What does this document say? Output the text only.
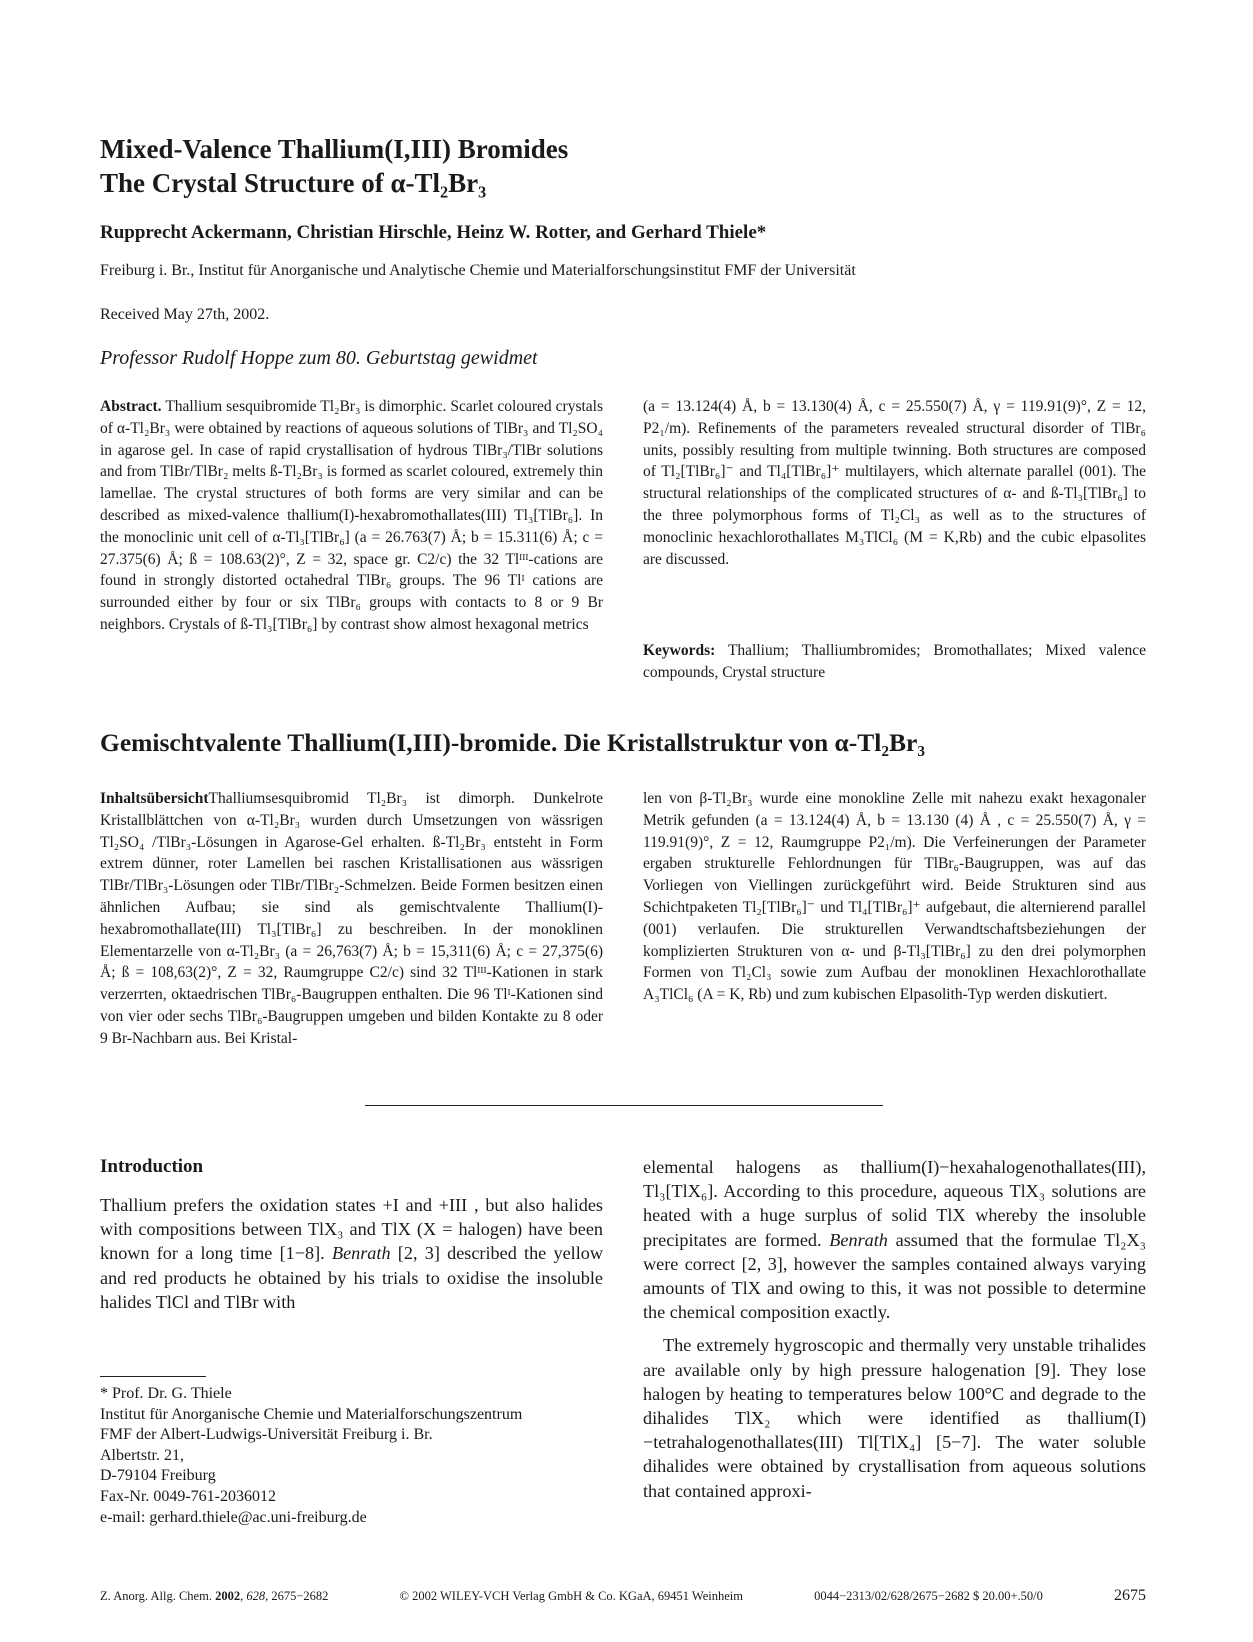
Mixed-Valence Thallium(I,III) Bromides
The Crystal Structure of α-Tl₂Br₃
Rupprecht Ackermann, Christian Hirschle, Heinz W. Rotter, and Gerhard Thiele*
Freiburg i. Br., Institut für Anorganische und Analytische Chemie und Materialforschungsinstitut FMF der Universität
Received May 27th, 2002.
Professor Rudolf Hoppe zum 80. Geburtstag gewidmet

Abstract. Thallium sesquibromide Tl₂Br₃ is dimorphic. Scarlet coloured crystals of α-Tl₂Br₃ were obtained by reactions of aqueous solutions of TlBr₃ and Tl₂SO₄ in agarose gel. In case of rapid crystallisation of hydrous TlBr₃/TlBr solutions and from TlBr/TlBr₂ melts ß-Tl₂Br₃ is formed as scarlet coloured, extremely thin lamellae. The crystal structures of both forms are very similar and can be described as mixed-valence thallium(I)-hexabromothallates(III) Tl₃[TlBr₆]. In the monoclinic unit cell of α-Tl₃[TlBr₆] (a = 26.763(7) Å; b = 15.311(6) Å; c = 27.375(6) Å; ß = 108.63(2)°, Z = 32, space gr. C2/c) the 32 Tlᴵᴵᴵ-cations are found in strongly distorted octahedral TlBr₆ groups. The 96 Tlᴵ cations are surrounded either by four or six TlBr₆ groups with contacts to 8 or 9 Br neighbors. Crystals of ß-Tl₃[TlBr₆] by contrast show almost hexagonal metrics

(a = 13.124(4) Å, b = 13.130(4) Å, c = 25.550(7) Å, γ = 119.91(9)°, Z = 12, P2₁/m). Refinements of the parameters revealed structural disorder of TlBr₆ units, possibly resulting from multiple twinning. Both structures are composed of Tl₂[TlBr₆]⁻ and Tl₄[TlBr₆]⁺ multilayers, which alternate parallel (001). The structural relationships of the complicated structures of α- and ß-Tl₃[TlBr₆] to the three polymorphous forms of Tl₂Cl₃ as well as to the structures of monoclinic hexachlorothallates M₃TlCl₆ (M = K,Rb) and the cubic elpasolites are discussed.

Keywords: Thallium; Thalliumbromides; Bromothallates; Mixed valence compounds, Crystal structure

Gemischtvalente Thallium(I,III)-bromide. Die Kristallstruktur von α-Tl₂Br₃

InhaltsübersichtThalliumsesquibromid Tl₂Br₃ ist dimorph. Dunkelrote Kristallblättchen von α-Tl₂Br₃ wurden durch Umsetzungen von wässrigen Tl₂SO₄ /TlBr₃-Lösungen in Agarose-Gel erhalten. ß-Tl₂Br₃ entsteht in Form extrem dünner, roter Lamellen bei raschen Kristallisationen aus wässrigen TlBr/TlBr₃-Lösungen oder TlBr/TlBr₂-Schmelzen. Beide Formen besitzen einen ähnlichen Aufbau; sie sind als gemischtvalente Thallium(I)-hexabromothallate(III) Tl₃[TlBr₆] zu beschreiben. In der monoklinen Elementarzelle von α-Tl₂Br₃ (a = 26,763(7) Å; b = 15,311(6) Å; c = 27,375(6) Å; ß = 108,63(2)°, Z = 32, Raumgruppe C2/c) sind 32 Tlᴵᴵᴵ-Kationen in stark verzerrten, oktaedrischen TlBr₆-Baugruppen enthalten. Die 96 Tlᴵ-Kationen sind von vier oder sechs TlBr₆-Baugruppen umgeben und bilden Kontakte zu 8 oder 9 Br-Nachbarn aus. Bei Kristal-

len von β-Tl₂Br₃ wurde eine monokline Zelle mit nahezu exakt hexagonaler Metrik gefunden (a = 13.124(4) Å, b = 13.130 (4) Å , c = 25.550(7) Å, γ = 119.91(9)°, Z = 12, Raumgruppe P2₁/m). Die Verfeinerungen der Parameter ergaben strukturelle Fehlordnungen für TlBr₆-Baugruppen, was auf das Vorliegen von Viellingen zurückgeführt wird. Beide Strukturen sind aus Schichtpaketen Tl₂[TlBr₆]⁻ und Tl₄[TlBr₆]⁺ aufgebaut, die alternierend parallel (001) verlaufen. Die strukturellen Verwandtschaftsbeziehungen der komplizierten Strukturen von α- und β-Tl₃[TlBr₆] zu den drei polymorphen Formen von Tl₂Cl₃ sowie zum Aufbau der monoklinen Hexachlorothallate A₃TlCl₆ (A = K, Rb) und zum kubischen Elpasolith-Typ werden diskutiert.

Introduction

Thallium prefers the oxidation states +I and +III , but also halides with compositions between TlX₃ and TlX (X = halogen) have been known for a long time [1−8]. Benrath [2, 3] described the yellow and red products he obtained by his trials to oxidise the insoluble halides TlCl and TlBr with

elemental halogens as thallium(I)−hexahalogenothallates(III), Tl₃[TlX₆]. According to this procedure, aqueous TlX₃ solutions are heated with a huge surplus of solid TlX whereby the insoluble precipitates are formed. Benrath assumed that the formulae Tl₂X₃ were correct [2, 3], however the samples contained always varying amounts of TlX and owing to this, it was not possible to determine the chemical composition exactly.

The extremely hygroscopic and thermally very unstable trihalides are available only by high pressure halogenation [9]. They lose halogen by heating to temperatures below 100°C and degrade to the dihalides TlX₂ which were identified as thallium(I)−tetrahalogenothallates(III) Tl[TlX₄] [5−7]. The water soluble dihalides were obtained by crystallisation from aqueous solutions that contained approxi-

* Prof. Dr. G. Thiele
Institut für Anorganische Chemie und Materialforschungszentrum
FMF der Albert-Ludwigs-Universität Freiburg i. Br.
Albertstr. 21,
D-79104 Freiburg
Fax-Nr. 0049-761-2036012
e-mail: gerhard.thiele@ac.uni-freiburg.de
Z. Anorg. Allg. Chem. 2002, 628, 2675−2682	© 2002 WILEY-VCH Verlag GmbH & Co. KGaA, 69451 Weinheim	0044−2313/02/628/2675−2682 $ 20.00+.50/0	2675
